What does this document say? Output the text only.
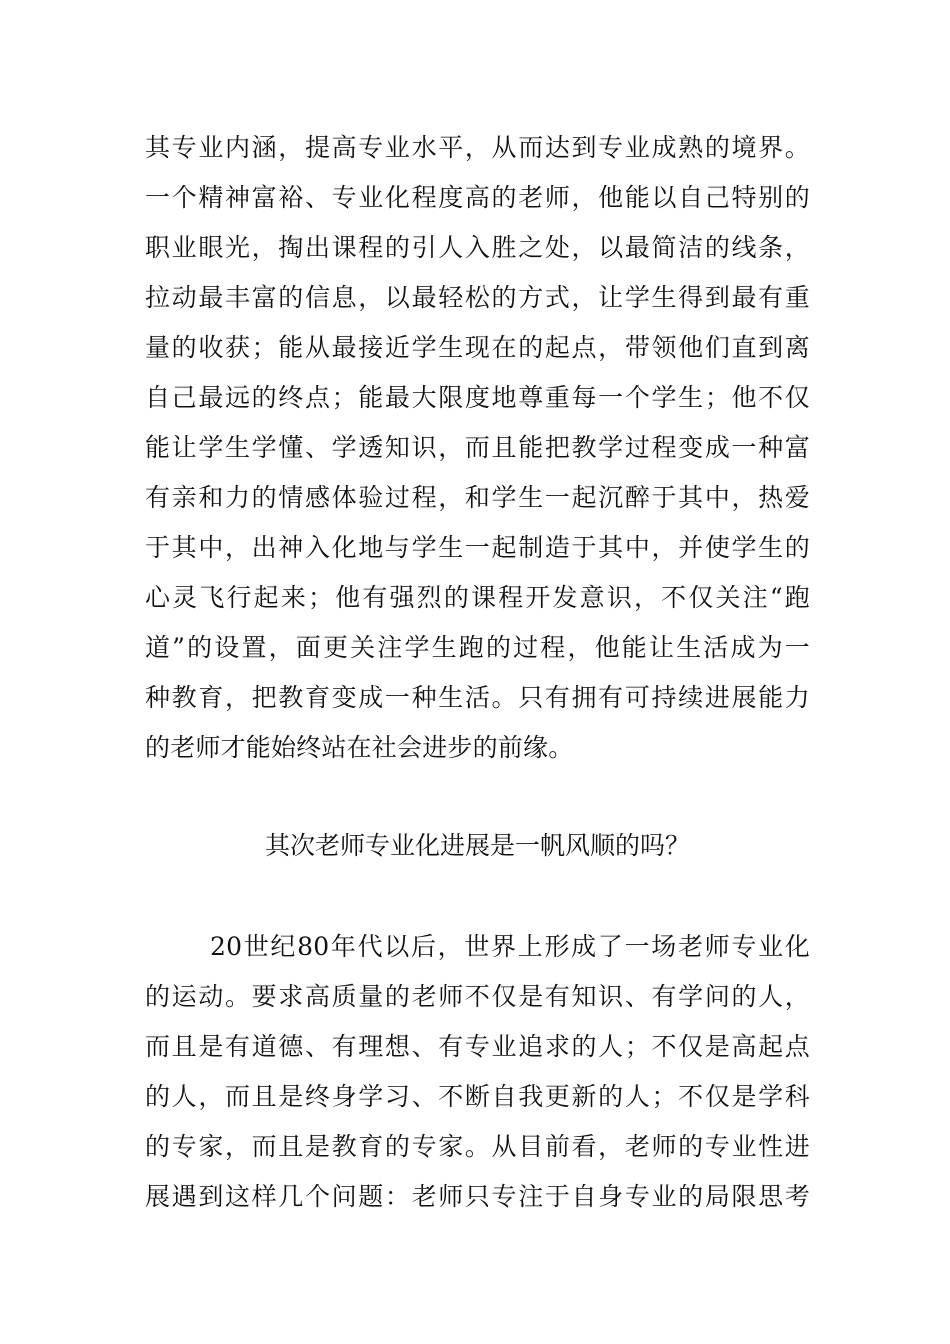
其专业内涵，提高专业水平，从而达到专业成熟的境界。
一个精神富裕、专业化程度高的老师，他能以自己特别的
职业眼光，掏出课程的引人入胜之处，以最简洁的线条，
拉动最丰富的信息，以最轻松的方式，让学生得到最有重
量的收获；能从最接近学生现在的起点，带领他们直到离
自己最远的终点；能最大限度地尊重每一个学生；他不仅
能让学生学懂、学透知识，而且能把教学过程变成一种富
有亲和力的情感体验过程，和学生一起沉醉于其中，热爱
于其中，出神入化地与学生一起制造于其中，并使学生的
心灵飞行起来；他有强烈的课程开发意识，不仅关注“跑
道”的设置，面更关注学生跑的过程，他能让生活成为一
种教育，把教育变成一种生活。只有拥有可持续进展能力
的老师才能始终站在社会进步的前缘。
其次老师专业化进展是一帆风顺的吗？
20世纪80年代以后，世界上形成了一场老师专业化
的运动。要求高质量的老师不仅是有知识、有学问的人，
而且是有道德、有理想、有专业追求的人；不仅是高起点
的人，而且是终身学习、不断自我更新的人；不仅是学科
的专家，而且是教育的专家。从目前看，老师的专业性进
展遇到这样几个问题：老师只专注于自身专业的局限思考
